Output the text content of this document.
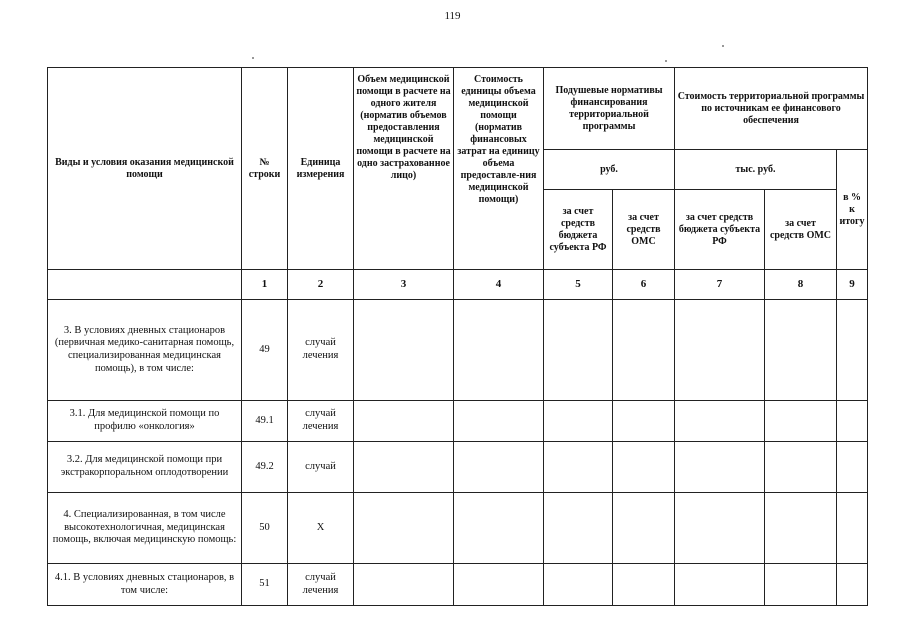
119
Виды и условия оказания медицинской помощи	№ строки	Единица измерения	Объем медицинской помощи в расчете на одного жителя (норматив объемов предоставления медицинской помощи в расчете на одно застрахованное лицо)	Стоимость единицы объема медицинской помощи (норматив финансовых затрат на единицу объема предоставле-ния медицинской помощи)	Подушевые нормативы финансирования территориальной программы		Стоимость территориальной программы по источникам ее финансового обеспечения		
					руб.		тыс. руб.		в % к итогу
					за счет средств бюджета субъекта РФ	за счет средств ОМС	за счет средств бюджета субъекта РФ	за счет средств ОМС	
	1	2	3	4	5	6	7	8	9
3. В условиях дневных стационаров (первичная медико-санитарная помощь, специализированная медицинская помощь), в том числе:	49	случай лечения							
3.1. Для медицинской помощи по профилю «онкология»	49.1	случай лечения							
3.2. Для медицинской помощи при экстракорпоральном оплодотворении	49.2	случай							
4. Специализированная, в том числе высокотехнологичная, медицинская помощь, включая медицинскую помощь:	50	Х							
4.1. В условиях дневных стационаров, в том числе:	51	случай лечения							
